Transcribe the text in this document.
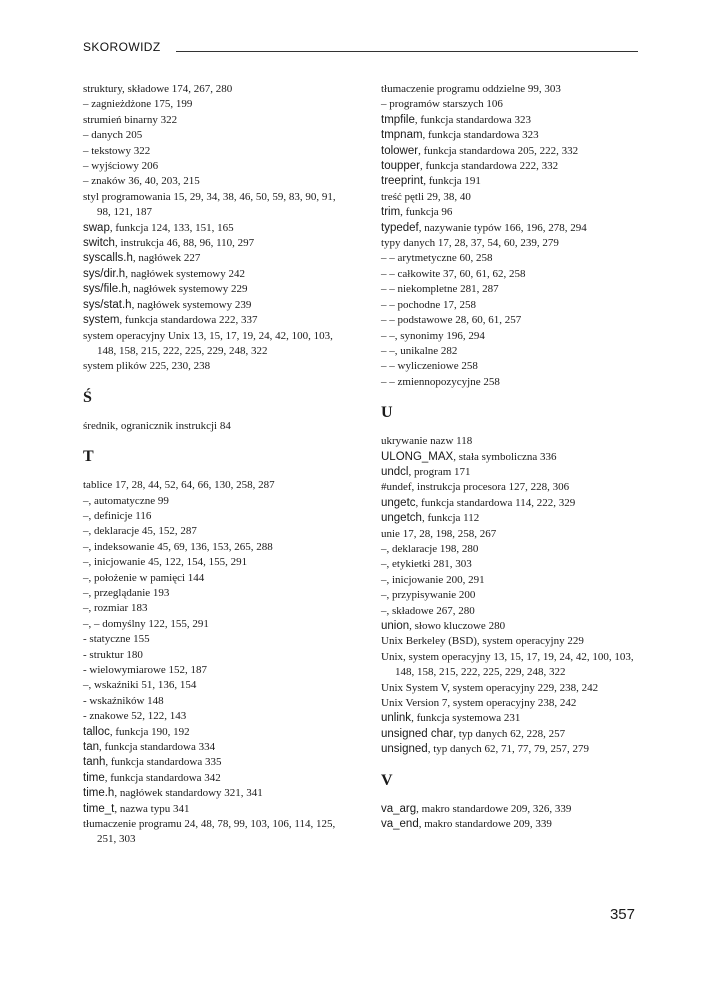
SKOROWIDZ
struktury, składowe 174, 267, 280
– zagnieżdżone 175, 199
strumień binarny 322
– danych 205
– tekstowy 322
– wyjściowy 206
– znaków 36, 40, 203, 215
styl programowania 15, 29, 34, 38, 46, 50, 59, 83, 90, 91, 98, 121, 187
swap, funkcja 124, 133, 151, 165
switch, instrukcja 46, 88, 96, 110, 297
syscalls.h, nagłówek 227
sys/dir.h, nagłówek systemowy 242
sys/file.h, nagłówek systemowy 229
sys/stat.h, nagłówek systemowy 239
system, funkcja standardowa 222, 337
system operacyjny Unix 13, 15, 17, 19, 24, 42, 100, 103, 148, 158, 215, 222, 225, 229, 248, 322
system plików 225, 230, 238
Ś
średnik, ogranicznik instrukcji 84
T
tablice 17, 28, 44, 52, 64, 66, 130, 258, 287
–, automatyczne 99
–, definicje 116
–, deklaracje 45, 152, 287
–, indeksowanie 45, 69, 136, 153, 265, 288
–, inicjowanie 45, 122, 154, 155, 291
–, położenie w pamięci 144
–, przeglądanie 193
–, rozmiar 183
–, – domyślny 122, 155, 291
- statyczne 155
- struktur 180
- wielowymiarowe 152, 187
–, wskaźniki 51, 136, 154
- wskaźników 148
- znakowe 52, 122, 143
talloc, funkcja 190, 192
tan, funkcja standardowa 334
tanh, funkcja standardowa 335
time, funkcja standardowa 342
time.h, nagłówek standardowy 321, 341
time_t, nazwa typu 341
tłumaczenie programu 24, 48, 78, 99, 103, 106, 114, 125, 251, 303
tłumaczenie programu oddzielne 99, 303
– programów starszych 106
tmpfile, funkcja standardowa 323
tmpnam, funkcja standardowa 323
tolower, funkcja standardowa 205, 222, 332
toupper, funkcja standardowa 222, 332
treeprint, funkcja 191
treść pętli 29, 38, 40
trim, funkcja 96
typedef, nazywanie typów 166, 196, 278, 294
typy danych 17, 28, 37, 54, 60, 239, 279
– – arytmetyczne 60, 258
– – całkowite 37, 60, 61, 62, 258
– – niekompletne 281, 287
– – pochodne 17, 258
– – podstawowe 28, 60, 61, 257
– –, synonimy 196, 294
– –, unikalne 282
– – wyliczeniowe 258
– – zmiennopozycyjne 258
U
ukrywanie nazw 118
ULONG_MAX, stała symboliczna 336
undcl, program 171
#undef, instrukcja procesora 127, 228, 306
ungetc, funkcja standardowa 114, 222, 329
ungetch, funkcja 112
unie 17, 28, 198, 258, 267
–, deklaracje 198, 280
–, etykietki 281, 303
–, inicjowanie 200, 291
–, przypisywanie 200
–, składowe 267, 280
union, słowo kluczowe 280
Unix Berkeley (BSD), system operacyjny 229
Unix, system operacyjny 13, 15, 17, 19, 24, 42, 100, 103, 148, 158, 215, 222, 225, 229, 248, 322
Unix System V, system operacyjny 229, 238, 242
Unix Version 7, system operacyjny 238, 242
unlink, funkcja systemowa 231
unsigned char, typ danych 62, 228, 257
unsigned, typ danych 62, 71, 77, 79, 257, 279
V
va_arg, makro standardowe 209, 326, 339
va_end, makro standardowe 209, 339
357
